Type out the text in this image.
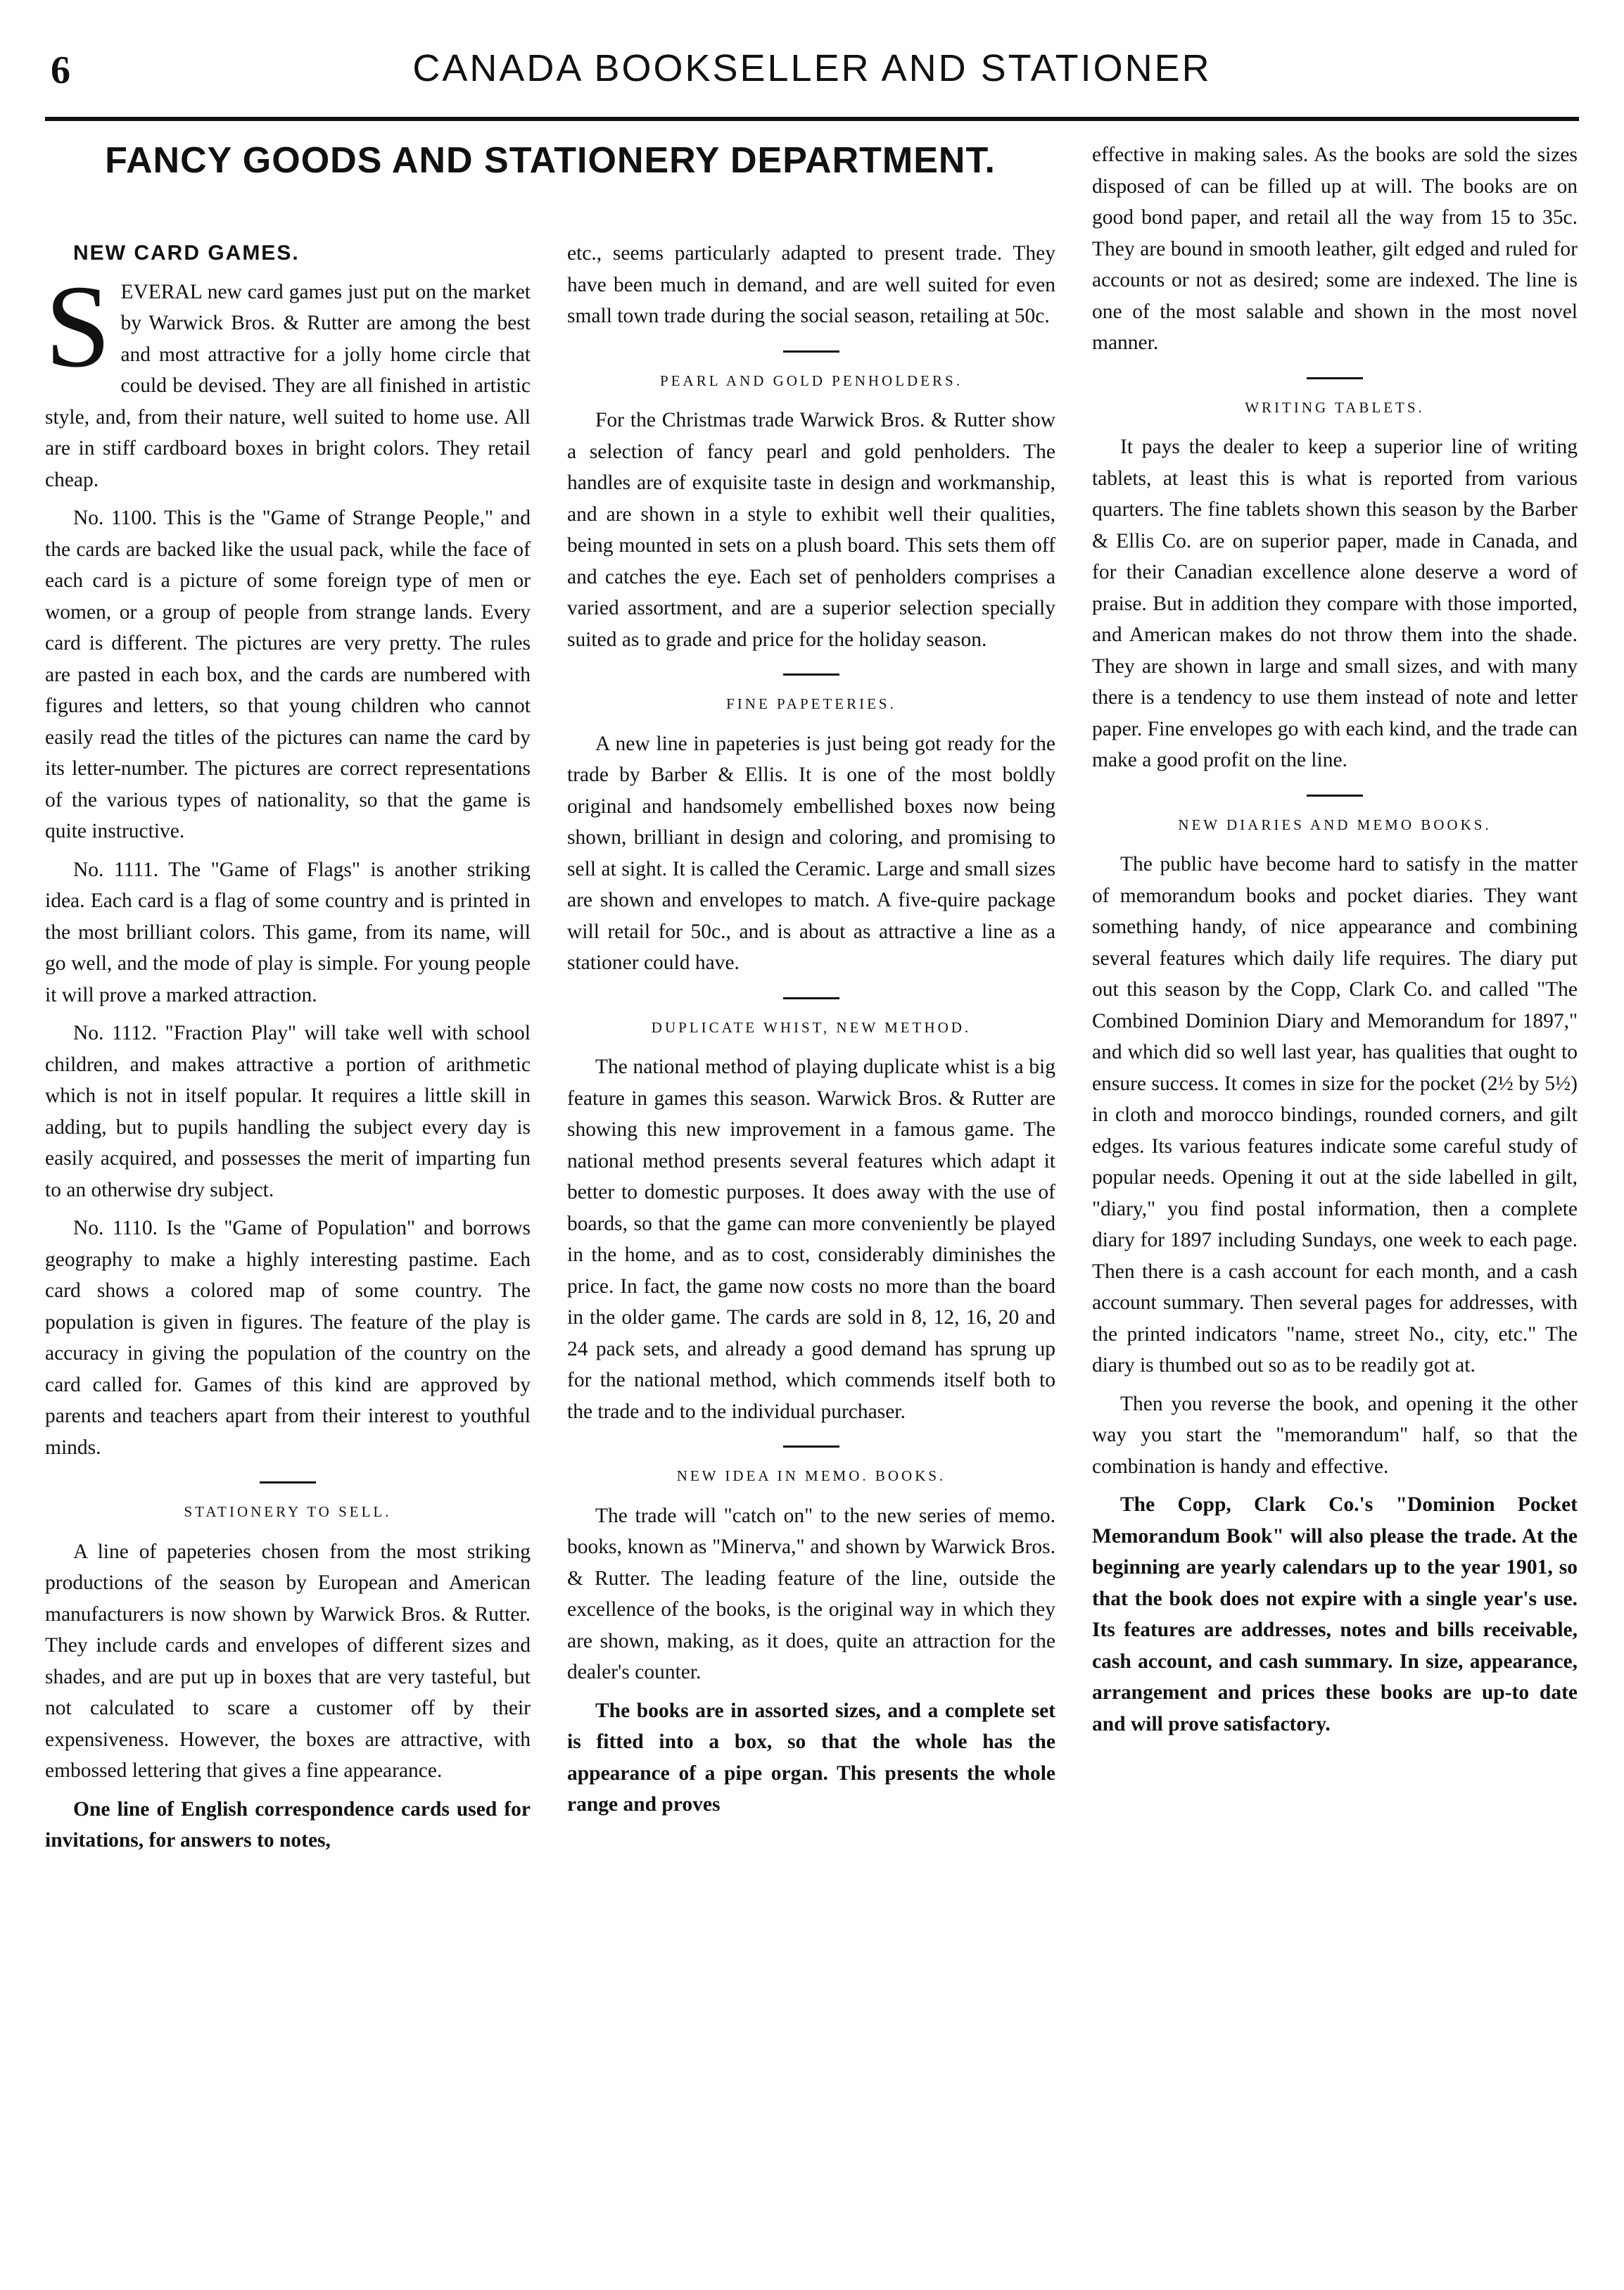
6	CANADA BOOKSELLER AND STATIONER
FANCY GOODS AND STATIONERY DEPARTMENT.
NEW CARD GAMES.

SEVERAL new card games just put on the market by Warwick Bros. & Rutter are among the best and most attractive for a jolly home circle that could be devised. They are all finished in artistic style, and, from their nature, well suited to home use. All are in stiff cardboard boxes in bright colors. They retail cheap.

No. 1100. This is the "Game of Strange People," and the cards are backed like the usual pack, while the face of each card is a picture of some foreign type of men or women, or a group of people from strange lands. Every card is different. The pictures are very pretty. The rules are pasted in each box, and the cards are numbered with figures and letters, so that young children who cannot easily read the titles of the pictures can name the card by its letter-number. The pictures are correct representations of the various types of nationality, so that the game is quite instructive.

No. 1111. The "Game of Flags" is another striking idea. Each card is a flag of some country and is printed in the most brilliant colors. This game, from its name, will go well, and the mode of play is simple. For young people it will prove a marked attraction.

No. 1112. "Fraction Play" will take well with school children, and makes attractive a portion of arithmetic which is not in itself popular. It requires a little skill in adding, but to pupils handling the subject every day is easily acquired, and possesses the merit of imparting fun to an otherwise dry subject.

No. 1110. Is the "Game of Population" and borrows geography to make a highly interesting pastime. Each card shows a colored map of some country. The population is given in figures. The feature of the play is accuracy in giving the population of the country on the card called for. Games of this kind are approved by parents and teachers apart from their interest to youthful minds.

STATIONERY TO SELL.

A line of papeteries chosen from the most striking productions of the season by European and American manufacturers is now shown by Warwick Bros. & Rutter. They include cards and envelopes of different sizes and shades, and are put up in boxes that are very tasteful, but not calculated to scare a customer off by their expensiveness. However, the boxes are attractive, with embossed lettering that gives a fine appearance.

One line of English correspondence cards used for invitations, for answers to notes,

etc., seems particularly adapted to present trade. They have been much in demand, and are well suited for even small town trade during the social season, retailing at 50c.

PEARL AND GOLD PENHOLDERS.

For the Christmas trade Warwick Bros. & Rutter show a selection of fancy pearl and gold penholders. The handles are of exquisite taste in design and workmanship, and are shown in a style to exhibit well their qualities, being mounted in sets on a plush board. This sets them off and catches the eye. Each set of penholders comprises a varied assortment, and are a superior selection specially suited as to grade and price for the holiday season.

FINE PAPETERIES.

A new line in papeteries is just being got ready for the trade by Barber & Ellis. It is one of the most boldly original and handsomely embellished boxes now being shown, brilliant in design and coloring, and promising to sell at sight. It is called the Ceramic. Large and small sizes are shown and envelopes to match. A five-quire package will retail for 50c., and is about as attractive a line as a stationer could have.

DUPLICATE WHIST, NEW METHOD.

The national method of playing duplicate whist is a big feature in games this season. Warwick Bros. & Rutter are showing this new improvement in a famous game. The national method presents several features which adapt it better to domestic purposes. It does away with the use of boards, so that the game can more conveniently be played in the home, and as to cost, considerably diminishes the price. In fact, the game now costs no more than the board in the older game. The cards are sold in 8, 12, 16, 20 and 24 pack sets, and already a good demand has sprung up for the national method, which commends itself both to the trade and to the individual purchaser.

NEW IDEA IN MEMO. BOOKS.

The trade will "catch on" to the new series of memo. books, known as "Minerva," and shown by Warwick Bros. & Rutter. The leading feature of the line, outside the excellence of the books, is the original way in which they are shown, making, as it does, quite an attraction for the dealer's counter.

The books are in assorted sizes, and a complete set is fitted into a box, so that the whole has the appearance of a pipe organ. This presents the whole range and proves

effective in making sales. As the books are sold the sizes disposed of can be filled up at will. The books are on good bond paper, and retail all the way from 15 to 35c. They are bound in smooth leather, gilt edged and ruled for accounts or not as desired; some are indexed. The line is one of the most salable and shown in the most novel manner.

WRITING TABLETS.

It pays the dealer to keep a superior line of writing tablets, at least this is what is reported from various quarters. The fine tablets shown this season by the Barber & Ellis Co. are on superior paper, made in Canada, and for their Canadian excellence alone deserve a word of praise. But in addition they compare with those imported, and American makes do not throw them into the shade. They are shown in large and small sizes, and with many there is a tendency to use them instead of note and letter paper. Fine envelopes go with each kind, and the trade can make a good profit on the line.

NEW DIARIES AND MEMO BOOKS.

The public have become hard to satisfy in the matter of memorandum books and pocket diaries. They want something handy, of nice appearance and combining several features which daily life requires. The diary put out this season by the Copp, Clark Co. and called "The Combined Dominion Diary and Memorandum for 1897," and which did so well last year, has qualities that ought to ensure success. It comes in size for the pocket (2½ by 5½) in cloth and morocco bindings, rounded corners, and gilt edges. Its various features indicate some careful study of popular needs. Opening it out at the side labelled in gilt, "diary," you find postal information, then a complete diary for 1897 including Sundays, one week to each page. Then there is a cash account for each month, and a cash account summary. Then several pages for addresses, with the printed indicators "name, street No., city, etc." The diary is thumbed out so as to be readily got at.

Then you reverse the book, and opening it the other way you start the "memorandum" half, so that the combination is handy and effective.

The Copp, Clark Co.'s "Dominion Pocket Memorandum Book" will also please the trade. At the beginning are yearly calendars up to the year 1901, so that the book does not expire with a single year's use. Its features are addresses, notes and bills receivable, cash account, and cash summary. In size, appearance, arrangement and prices these books are up-to date and will prove satisfactory.
